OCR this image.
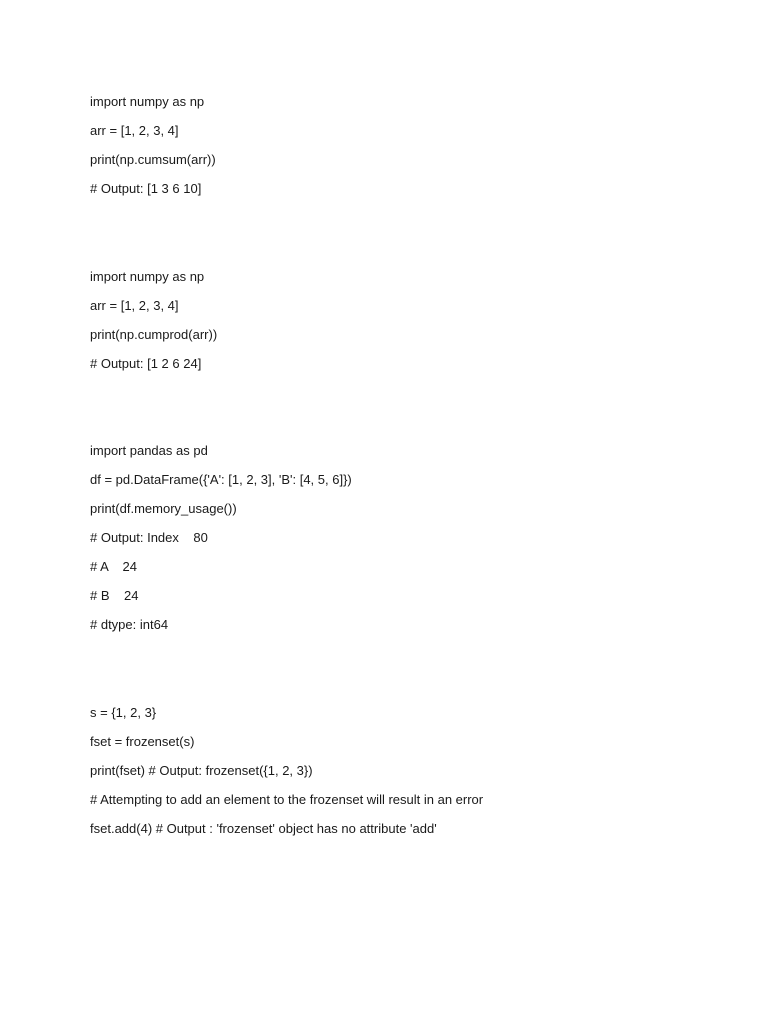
import numpy as np
arr = [1, 2, 3, 4]
print(np.cumsum(arr))
# Output: [1 3 6 10]
import numpy as np
arr = [1, 2, 3, 4]
print(np.cumprod(arr))
# Output: [1 2 6 24]
import pandas as pd
df = pd.DataFrame({'A': [1, 2, 3], 'B': [4, 5, 6]})
print(df.memory_usage())
# Output: Index    80
# A    24
# B    24
# dtype: int64
s = {1, 2, 3}
fset = frozenset(s)
print(fset) # Output: frozenset({1, 2, 3})
# Attempting to add an element to the frozenset will result in an error
fset.add(4) # Output : 'frozenset' object has no attribute 'add'
